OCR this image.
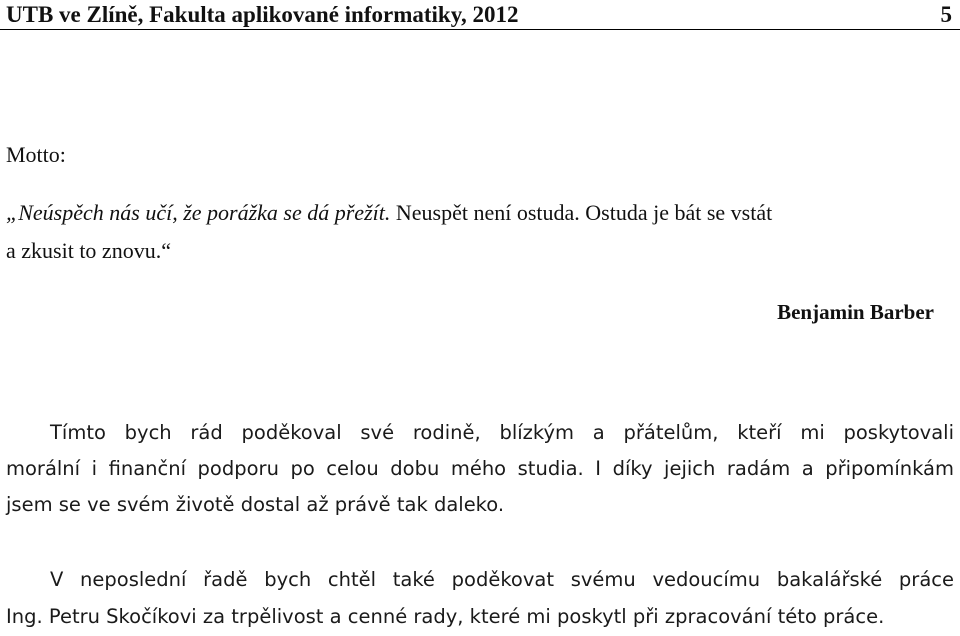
UTB ve Zlíně, Fakulta aplikované informatiky, 2012	5
Motto:
„Neúspěch nás učí, že porážka se dá přežít. Neuspět není ostuda. Ostuda je bát se vstát
a zkusit to znovu.“
Benjamin Barber
Tímto bych rád poděkoval své rodině, blízkým a přátelům, kteří mi poskytovali
morální i finanční podporu po celou dobu mého studia. I díky jejich radám a připomínkám
jsem se ve svém životě dostal až právě tak daleko.
V neposlední řadě bych chtěl také poděkovat svému vedoucímu bakalářské práce
Ing. Petru Skočíkovi za trpělivost a cenné rady, které mi poskytl při zpracování této práce.
